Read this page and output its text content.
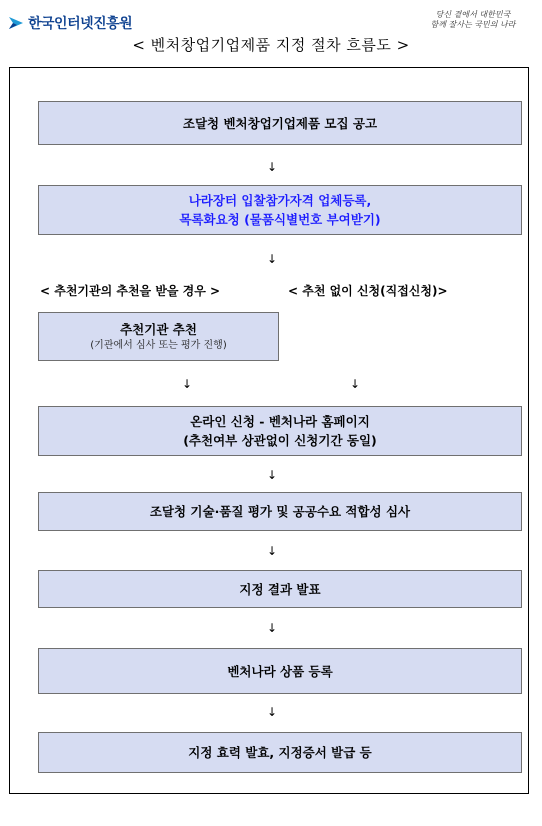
한국인터넷진흥원
당신 곁에서 대한민국
함께 잘사는 국민의 나라
< 벤처창업기업제품 지정 절차 흐름도 >
조달청 벤처창업기업제품 모집 공고
↓
나라장터 입찰참가자격 업체등록,
목록화요청 (물품식별번호 부여받기)
↓
< 추천기관의 추천을 받을 경우 >	< 추천 없이 신청(직접신청)>
추천기관 추천
(기관에서 심사 또는 평가 진행)
↓	↓
온라인 신청 - 벤처나라 홈페이지
(추천여부 상관없이 신청기간 동일)
↓
조달청 기술·품질 평가 및 공공수요 적합성 심사
↓
지정 결과 발표
↓
벤처나라 상품 등록
↓
지정 효력 발효, 지정증서 발급 등
